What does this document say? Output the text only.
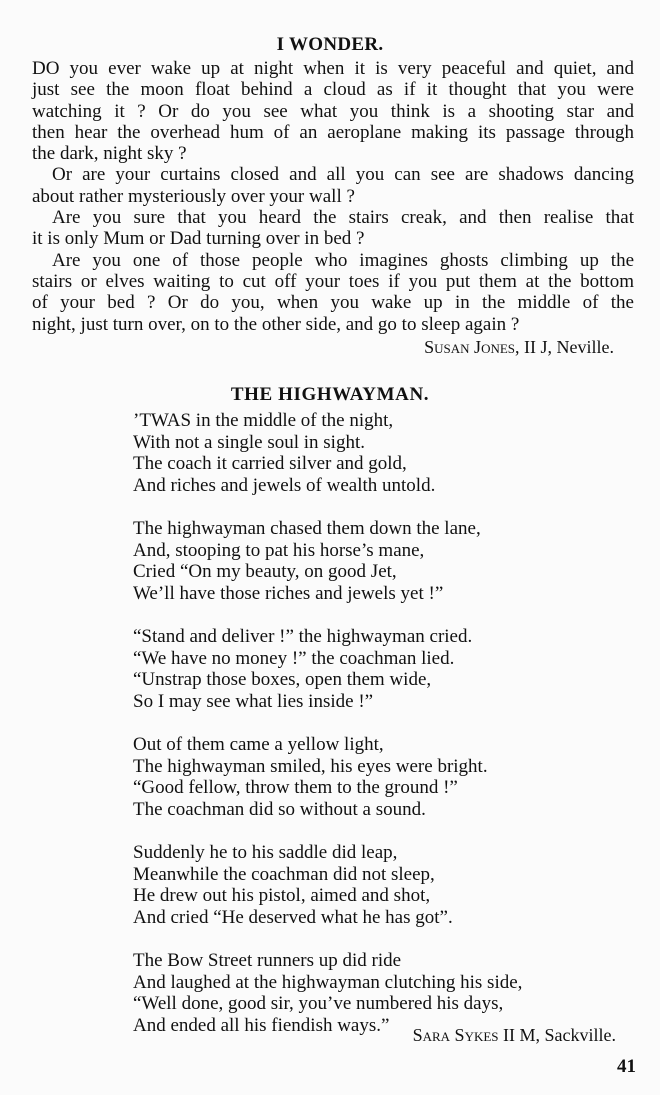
I WONDER.

DO you ever wake up at night when it is very peaceful and quiet, and
just see the moon float behind a cloud as if it thought that you were
watching it ? Or do you see what you think is a shooting star and
then hear the overhead hum of an aeroplane making its passage through
the dark, night sky ?

Or are your curtains closed and all you can see are shadows dancing
about rather mysteriously over your wall ?

Are you sure that you heard the stairs creak, and then realise that
it is only Mum or Dad turning over in bed ?

Are you one of those people who imagines ghosts climbing up the
stairs or elves waiting to cut off your toes if you put them at the bottom
of your bed ? Or do you, when you wake up in the middle of the
night, just turn over, on to the other side, and go to sleep again ?

Susan Jones, II J, Neville.
THE HIGHWAYMAN.
’TWAS in the middle of the night,
With not a single soul in sight.
The coach it carried silver and gold,
And riches and jewels of wealth untold.
The highwayman chased them down the lane,
And, stooping to pat his horse’s mane,
Cried “On my beauty, on good Jet,
We’ll have those riches and jewels yet !”
“Stand and deliver !” the highwayman cried.
“We have no money !” the coachman lied.
“Unstrap those boxes, open them wide,
So I may see what lies inside !”
Out of them came a yellow light,
The highwayman smiled, his eyes were bright.
“Good fellow, throw them to the ground !”
The coachman did so without a sound.
Suddenly he to his saddle did leap,
Meanwhile the coachman did not sleep,
He drew out his pistol, aimed and shot,
And cried “He deserved what he has got”.
The Bow Street runners up did ride
And laughed at the highwayman clutching his side,
“Well done, good sir, you’ve numbered his days,
And ended all his fiendish ways.”	Sara Sykes II M, Sackville.
41
